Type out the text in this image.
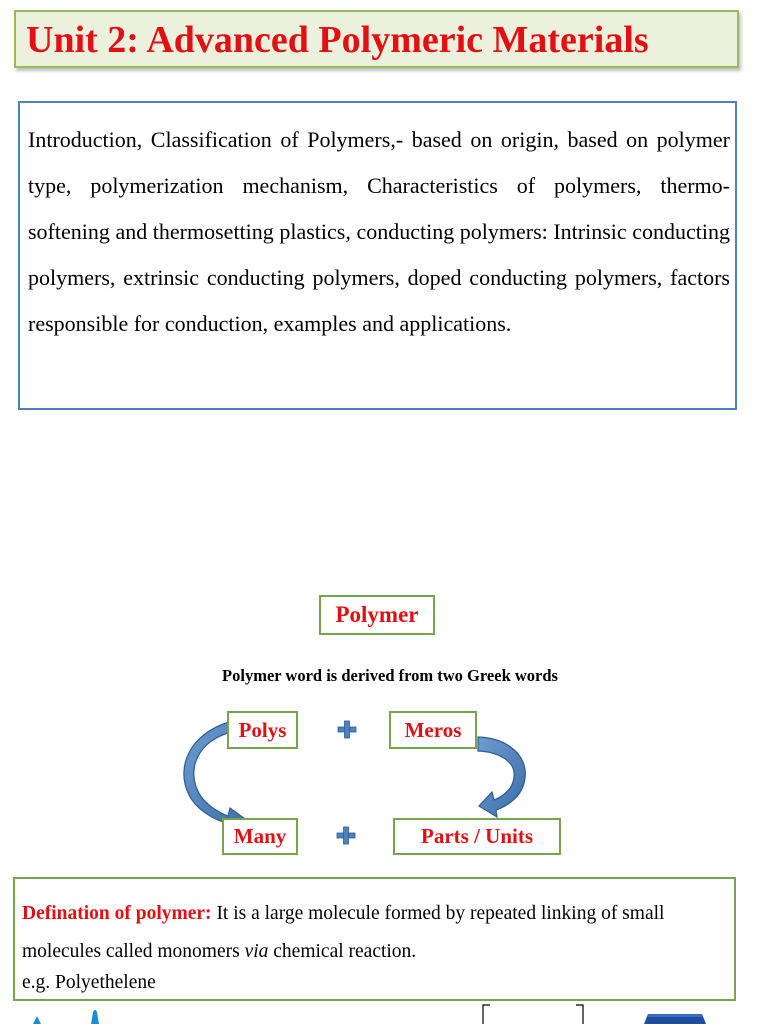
Unit 2: Advanced Polymeric Materials
Introduction, Classification of Polymers,- based on origin, based on polymer type, polymerization mechanism, Characteristics of polymers, thermo-softening and thermosetting plastics, conducting polymers: Intrinsic conducting polymers, extrinsic conducting polymers, doped conducting polymers, factors responsible for conduction, examples and applications.
Polymer
Polymer word is derived from two Greek words
Polys	Meros
Many	Parts / Units
Defination of polymer: It is a large molecule formed by repeated linking of small molecules called monomers via chemical reaction.
e.g. Polyethelene
